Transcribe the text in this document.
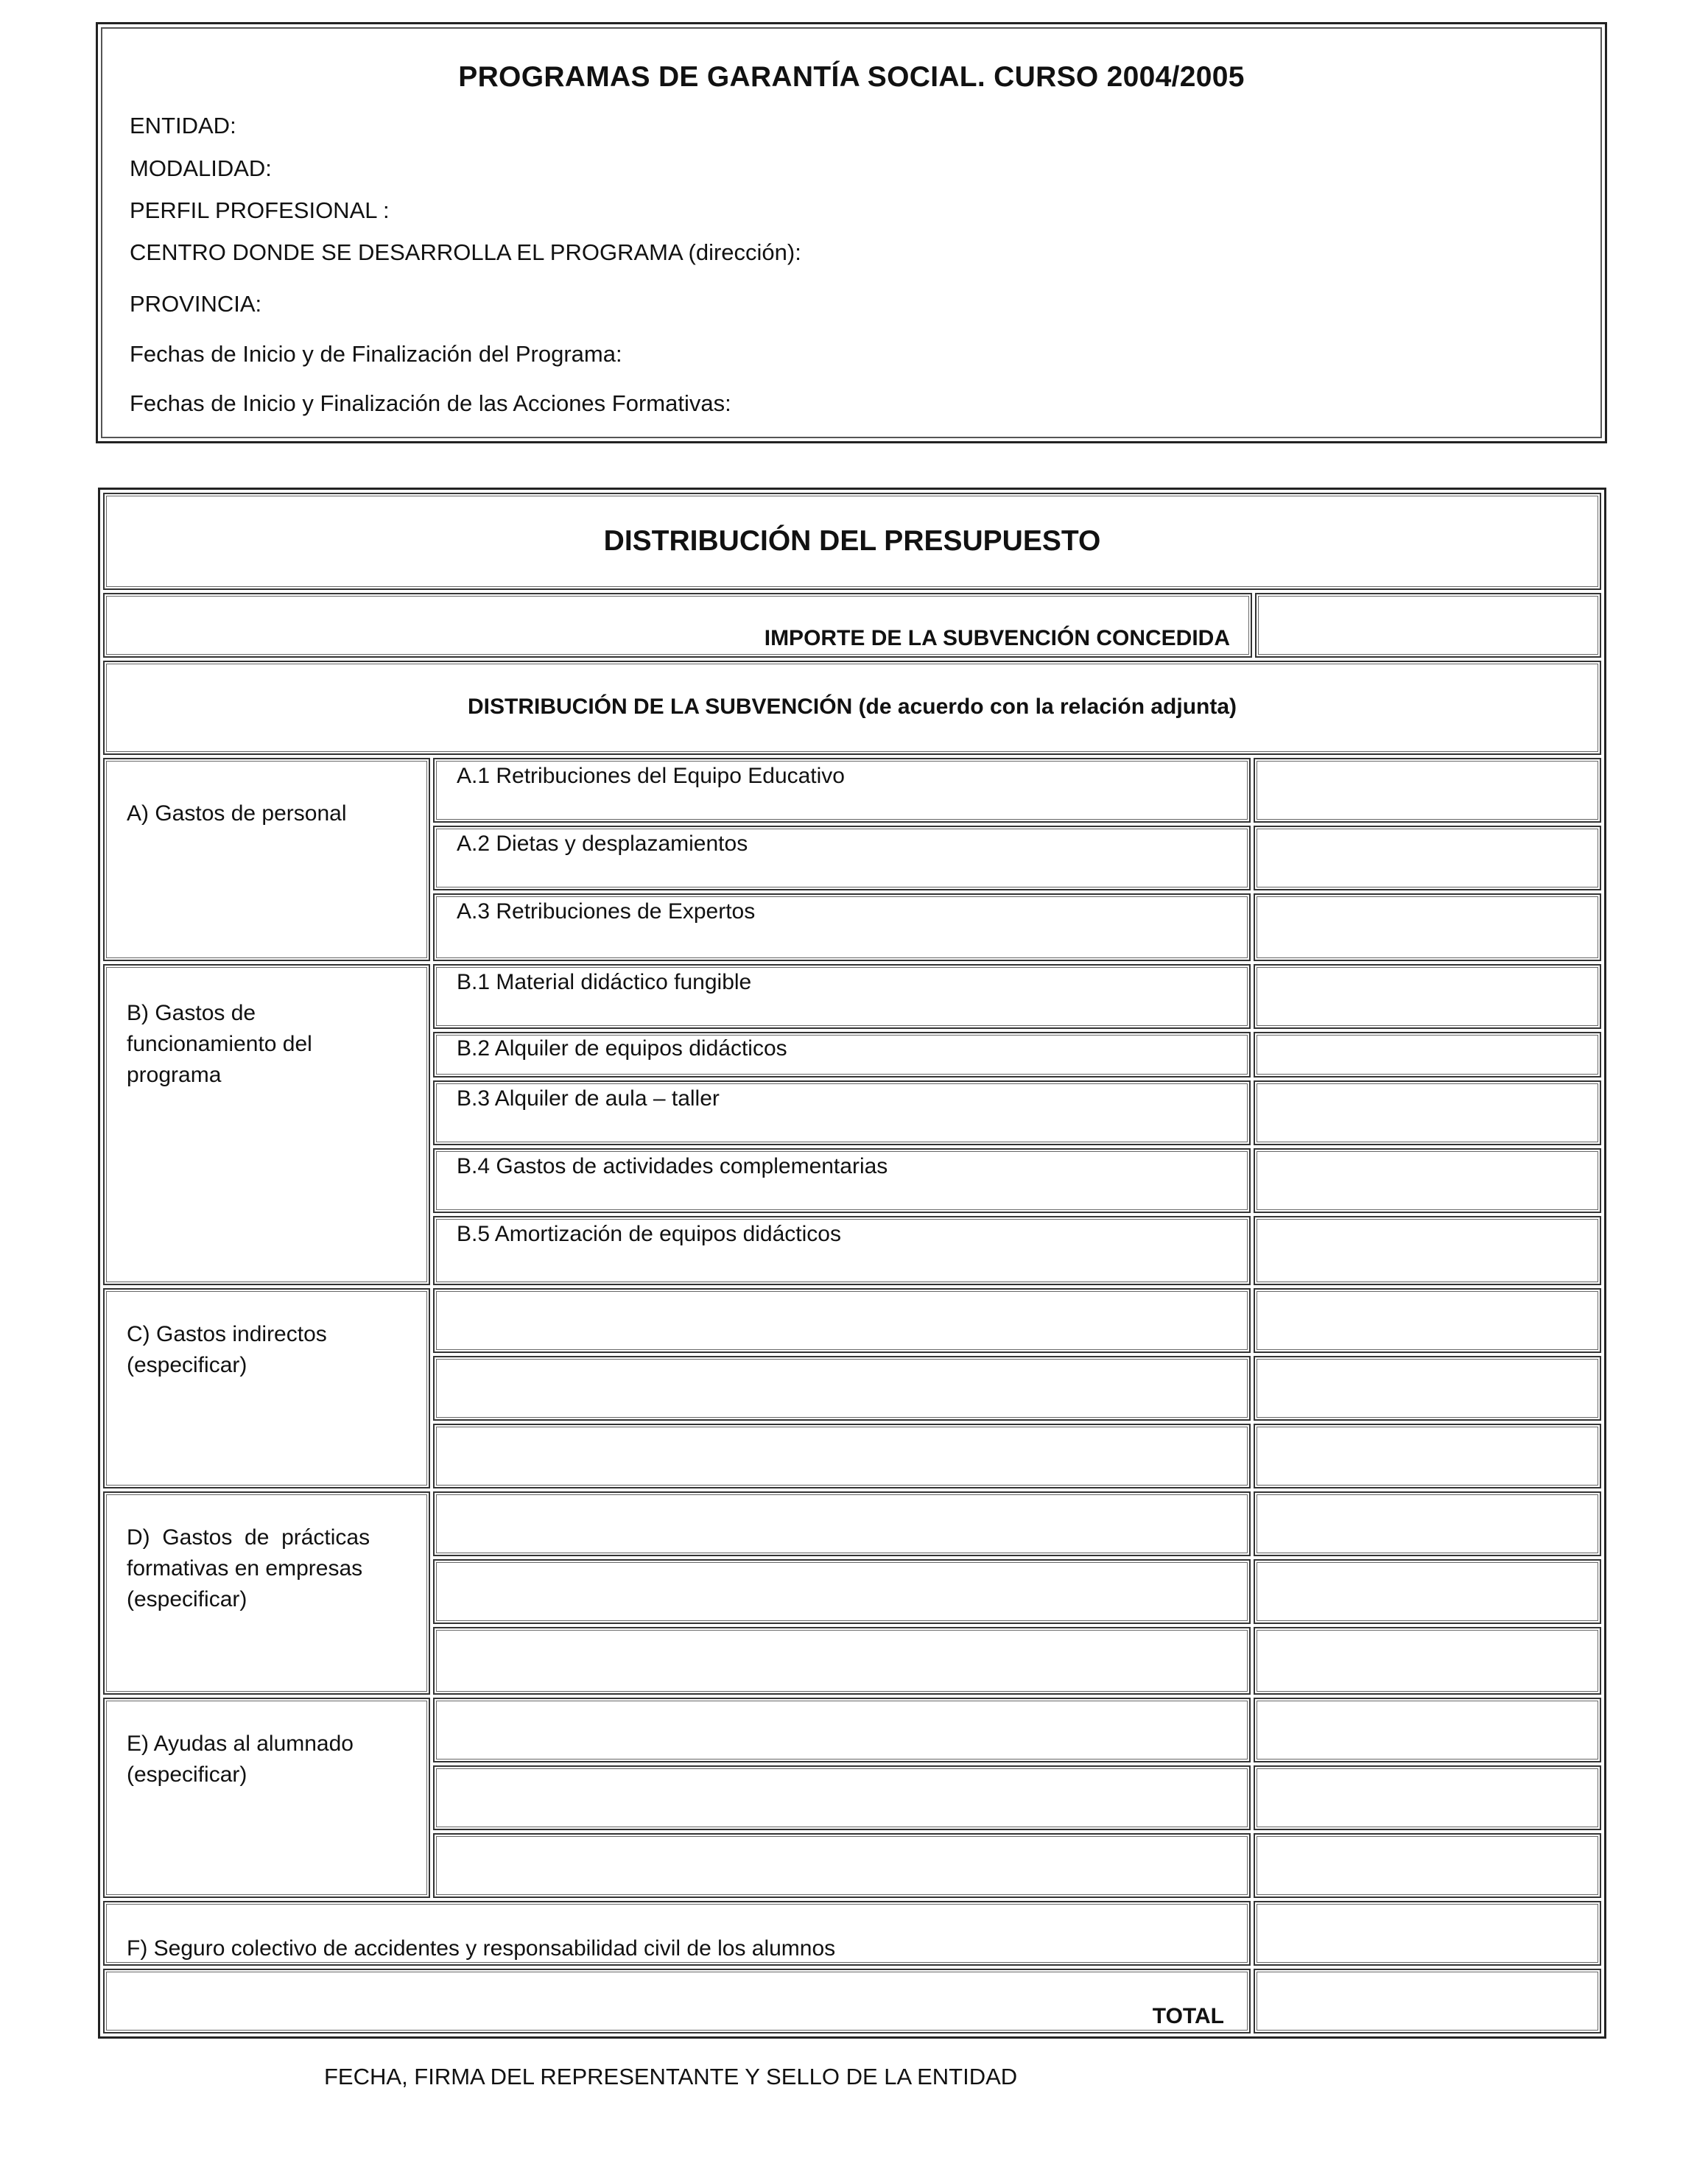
PROGRAMAS DE GARANTÍA SOCIAL. CURSO 2004/2005
ENTIDAD:
MODALIDAD:
PERFIL PROFESIONAL :
CENTRO DONDE SE DESARROLLA EL PROGRAMA (dirección):
PROVINCIA:
Fechas de Inicio y de Finalización del Programa:
Fechas de Inicio y Finalización de las Acciones Formativas:
DISTRIBUCIÓN DEL PRESUPUESTO
IMPORTE DE LA SUBVENCIÓN CONCEDIDA
DISTRIBUCIÓN DE LA SUBVENCIÓN (de acuerdo con la relación adjunta)
A) Gastos de personal
A.1 Retribuciones del Equipo Educativo
A.2 Dietas y desplazamientos
A.3 Retribuciones de Expertos
B) Gastos de
funcionamiento del
programa
B.1 Material didáctico fungible
B.2 Alquiler de equipos didácticos
B.3 Alquiler de aula – taller
B.4 Gastos de actividades complementarias
B.5 Amortización de equipos didácticos
C) Gastos indirectos
(especificar)
D)  Gastos  de  prácticas
formativas en empresas
(especificar)
E) Ayudas al alumnado
(especificar)
F) Seguro colectivo de accidentes y responsabilidad civil de los alumnos
TOTAL
FECHA, FIRMA DEL REPRESENTANTE Y SELLO DE LA ENTIDAD
